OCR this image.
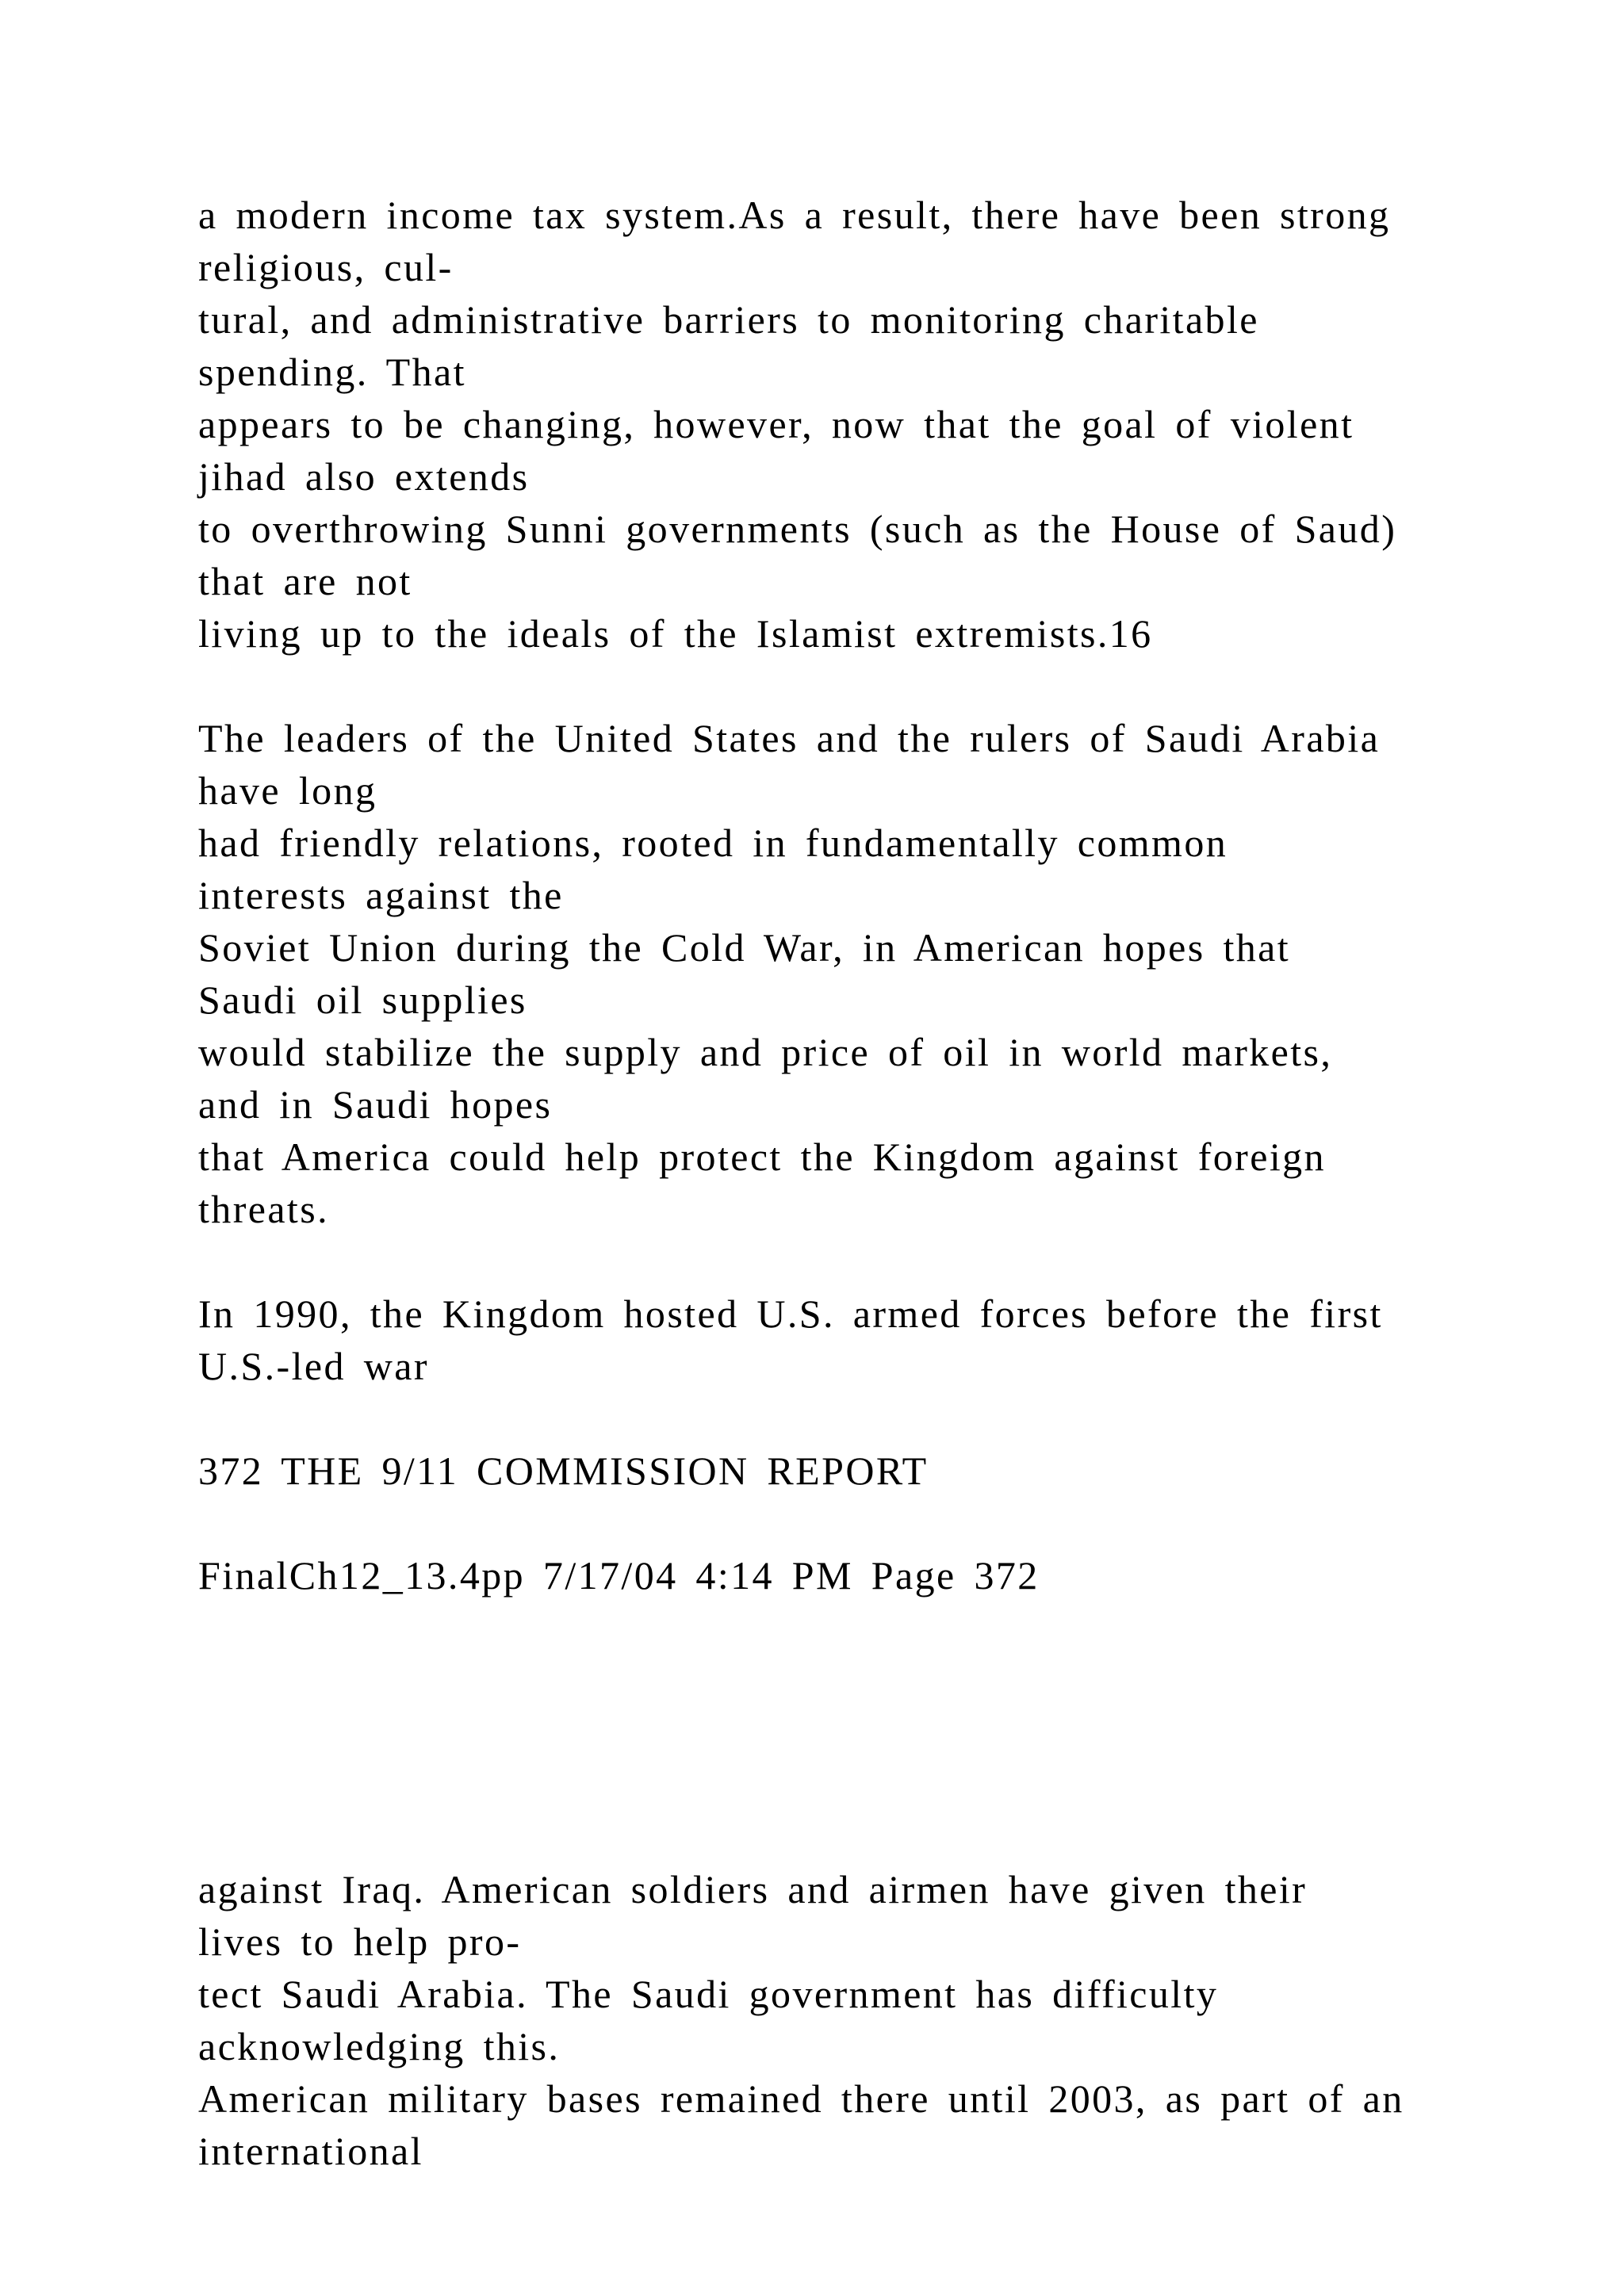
a modern income tax system.As a result, there have been strong
religious, cul-
tural, and administrative barriers to monitoring charitable
spending. That
appears to be changing, however, now that the goal of violent
jihad also extends
to overthrowing Sunni governments (such as the House of Saud)
that are not
living up to the ideals of the Islamist extremists.16
The leaders of the United States and the rulers of Saudi Arabia
have long
had friendly relations, rooted in fundamentally common
interests against the
Soviet Union during the Cold War, in American hopes that
Saudi oil supplies
would stabilize the supply and price of oil in world markets,
and in Saudi hopes
that America could help protect the Kingdom against foreign
threats.
In 1990, the Kingdom hosted U.S. armed forces before the first
U.S.-led war
372 THE 9/11 COMMISSION REPORT
FinalCh12_13.4pp 7/17/04 4:14 PM Page 372
against Iraq. American soldiers and airmen have given their
lives to help pro-
tect Saudi Arabia. The Saudi government has difficulty
acknowledging this.
American military bases remained there until 2003, as part of an
international
